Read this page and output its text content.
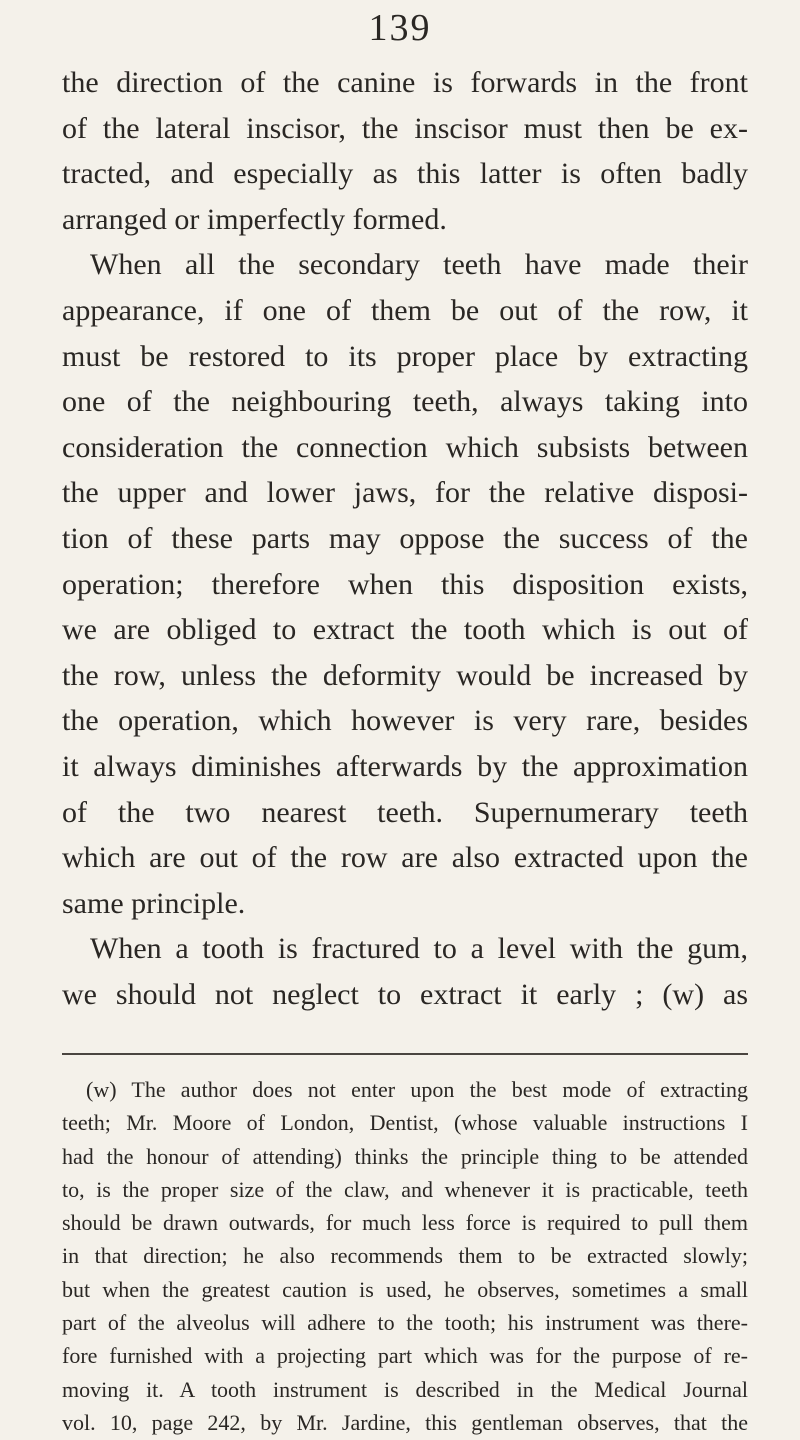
139
the direction of the canine is forwards in the front
of the lateral inscisor, the inscisor must then be ex-
tracted, and especially as this latter is often badly
arranged or imperfectly formed.
When all the secondary teeth have made their
appearance, if one of them be out of the row, it
must be restored to its proper place by extracting
one of the neighbouring teeth, always taking into
consideration the connection which subsists between
the upper and lower jaws, for the relative disposi-
tion of these parts may oppose the success of the
operation; therefore when this disposition exists,
we are obliged to extract the tooth which is out of
the row, unless the deformity would be increased by
the operation, which however is very rare, besides
it always diminishes afterwards by the approximation
of the two nearest teeth. Supernumerary teeth
which are out of the row are also extracted upon the
same principle.
When a tooth is fractured to a level with the gum,
we should not neglect to extract it early ; (w) as
(w) The author does not enter upon the best mode of extracting
teeth; Mr. Moore of London, Dentist, (whose valuable instructions I
had the honour of attending) thinks the principle thing to be attended
to, is the proper size of the claw, and whenever it is practicable, teeth
should be drawn outwards, for much less force is required to pull them
in that direction; he also recommends them to be extracted slowly;
but when the greatest caution is used, he observes, sometimes a small
part of the alveolus will adhere to the tooth; his instrument was there-
fore furnished with a projecting part which was for the purpose of re-
moving it. A tooth instrument is described in the Medical Journal
vol. 10, page 242, by Mr. Jardine, this gentleman observes, that the
